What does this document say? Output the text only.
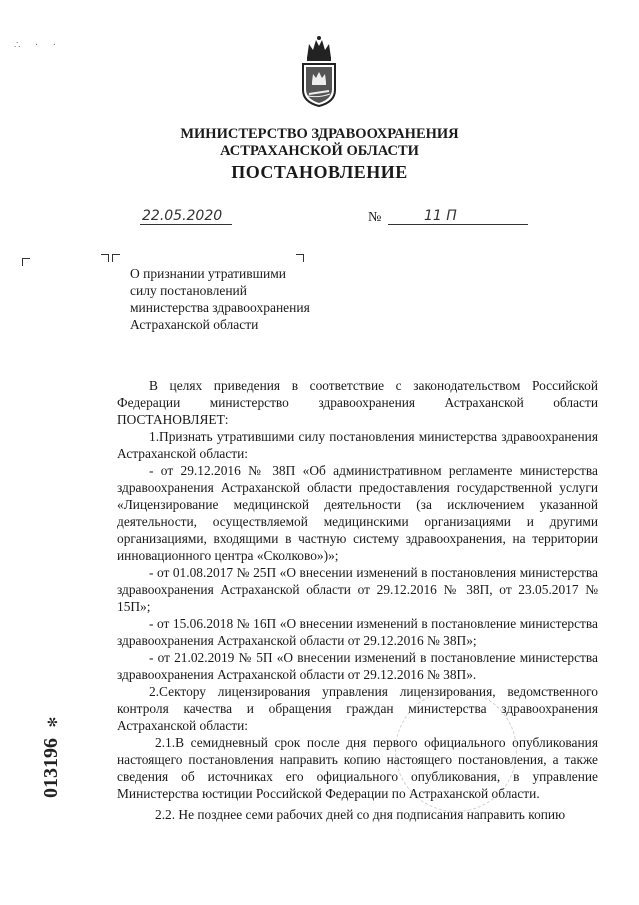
∴ · ·
МИНИСТЕРСТВО ЗДРАВООХРАНЕНИЯ
АСТРАХАНСКОЙ ОБЛАСТИ
ПОСТАНОВЛЕНИЕ
22.05.2020	№	11 П
О признании утратившими
силу постановлений
министерства здравоохранения
Астраханской области

В целях приведения в соответствие с законодательством Российской Федерации министерство здравоохранения Астраханской области ПОСТАНОВЛЯЕТ:

1.Признать утратившими силу постановления министерства здравоохранения Астраханской области:

- от 29.12.2016 № 38П «Об административном регламенте министерства здравоохранения Астраханской области предоставления государственной услуги «Лицензирование медицинской деятельности (за исключением указанной деятельности, осуществляемой медицинскими организациями и другими организациями, входящими в частную систему здравоохранения, на территории инновационного центра «Сколково»)»;

- от 01.08.2017 № 25П «О внесении изменений в постановления министерства здравоохранения Астраханской области от 29.12.2016 № 38П, от 23.05.2017 № 15П»;

- от 15.06.2018 № 16П «О внесении изменений в постановление министерства здравоохранения Астраханской области от 29.12.2016 № 38П»;

- от 21.02.2019 № 5П «О внесении изменений в постановление министерства здравоохранения Астраханской области от 29.12.2016 № 38П».

2.Сектору лицензирования управления лицензирования, ведомственного контроля качества и обращения граждан министерства здравоохранения Астраханской области:

2.1.В семидневный срок после дня первого официального опубликования настоящего постановления направить копию настоящего постановления, а также сведения об источниках его официального опубликования, в управление Министерства юстиции Российской Федерации по Астраханской области.

2.2. Не позднее семи рабочих дней со дня подписания направить копию

013196
✻
